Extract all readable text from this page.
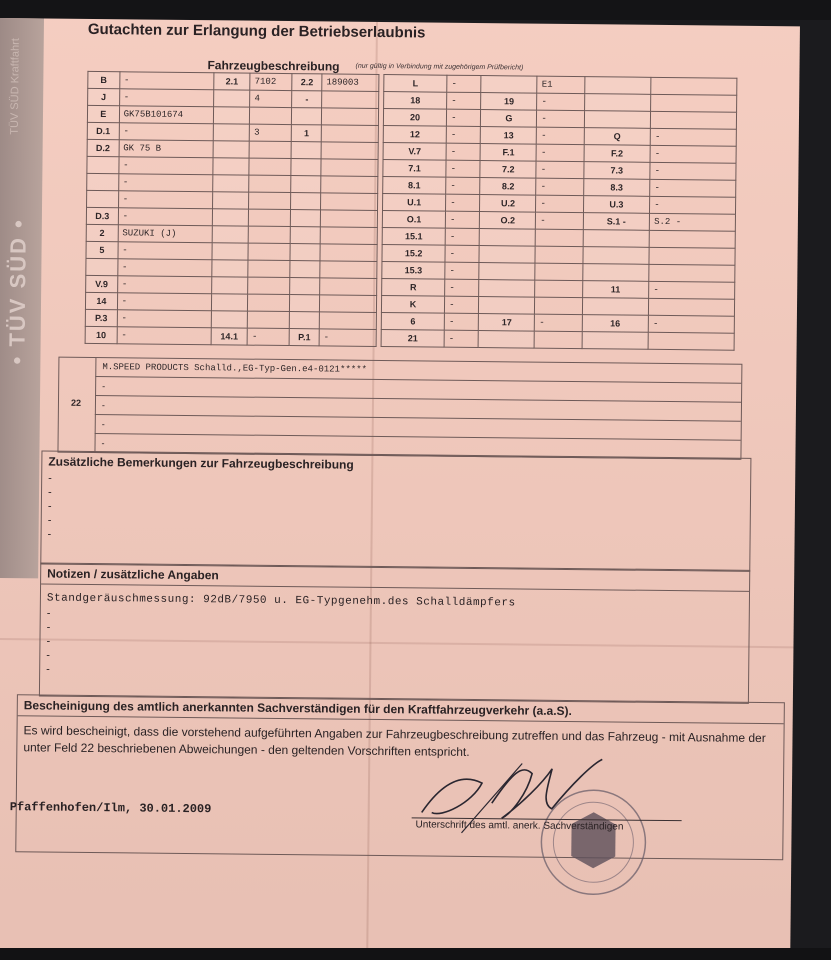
TÜV SÜD Kraftfahrt
• TÜV SÜD •
Gutachten zur Erlangung der Betriebserlaubnis
Fahrzeugbeschreibung (nur gültig in Verbindung mit zugehörigem Prüfbericht)
B	-	2.1	7102	2.2	189003
J	-		4	-	
E	GK75B101674				
D.1	-		3	1	
D.2	GK 75 B				
	-				
	-				
	-				
D.3	-				
2	SUZUKI (J)				
5	-				
	-				
V.9	-				
14	-				
P.3	-				
10	-	14.1	-	P.1	-
L	-		E1		
18	-	19	-		
20	-	G	-		
12	-	13	-	Q	-
V.7	-	F.1	-	F.2	-
7.1	-	7.2	-	7.3	-
8.1	-	8.2	-	8.3	-
U.1	-	U.2	-	U.3	-
O.1	-	O.2	-	S.1 -	S.2 -
15.1	-				
15.2	-				
15.3	-				
R	-			11	-
K	-				
6	-	17	-	16	-
21	-				
22
M.SPEED PRODUCTS Schalld.,EG-Typ-Gen.e4-0121*****
-
-
-
-
Zusätzliche Bemerkungen zur Fahrzeugbeschreibung
-
-
-
-
-
Notizen / zusätzliche Angaben
Standgeräuschmessung: 92dB/7950 u. EG-Typgenehm.des Schalldämpfers
-
-
-
-
-
Bescheinigung des amtlich anerkannten Sachverständigen für den Kraftfahrzeugverkehr (a.a.S).
Es wird bescheinigt, dass die vorstehend aufgeführten Angaben zur Fahrzeugbeschreibung zutreffen und das Fahrzeug - mit Ausnahme der unter Feld 22 beschriebenen Abweichungen - den geltenden Vorschriften entspricht.
Pfaffenhofen/Ilm, 30.01.2009
Unterschrift des amtl. anerk. Sachverständigen
